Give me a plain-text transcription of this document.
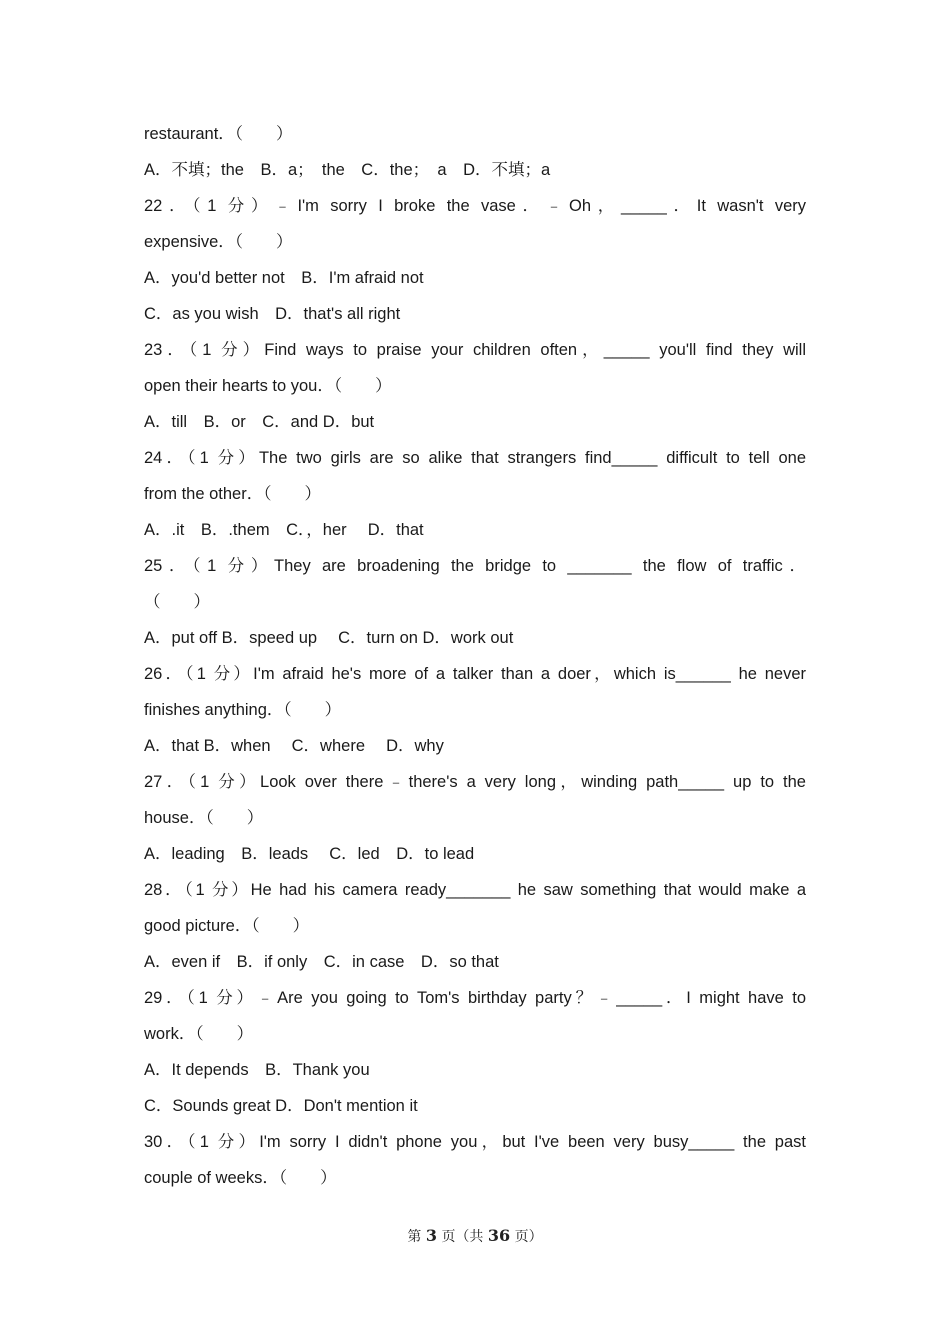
restaurant．（　　）
A．不填；the　B．a；　the　C．the；　a　D．不填；a
22．（1 分）﹣I'm sorry I broke the vase．﹣Oh，_____．It wasn't very
expensive．（　　）
A．you'd better not　B．I'm afraid not
C．as you wish　D．that's all right
23．（1 分）Find ways to praise your children often，_____ you'll find they will
open their hearts to you．（　　）
A．till　B．or　C．and D．but
24．（1 分）The two girls are so alike that strangers find_____ difficult to tell one
from the other．（　　）
A．.it　B．.them　C．，her　 D．that
25．（1 分）They are broadening the bridge to _______ the flow of traffic．
（　　）
A．put off B．speed up　 C．turn on D．work out
26．（1 分）I'm afraid he's more of a talker than a doer，which is______ he never
finishes anything．（　　）
A．that B．when　 C．where　 D．why
27．（1 分）Look over there﹣there's a very long，winding path_____ up to the
house．（　　）
A．leading　B．leads　 C．led　D．to lead
28．（1 分）He had his camera ready_______ he saw something that would make a
good picture．（　　）
A．even if　B．if only　C．in case　D．so that
29．（1 分）﹣Are you going to Tom's birthday party？﹣_____．I might have to
work．（　　）
A．It depends　B．Thank you
C．Sounds great D．Don't mention it
30．（1 分）I'm sorry I didn't phone you，but I've been very busy_____ the past
couple of weeks．（　　）
第 3 页（共 36 页）
